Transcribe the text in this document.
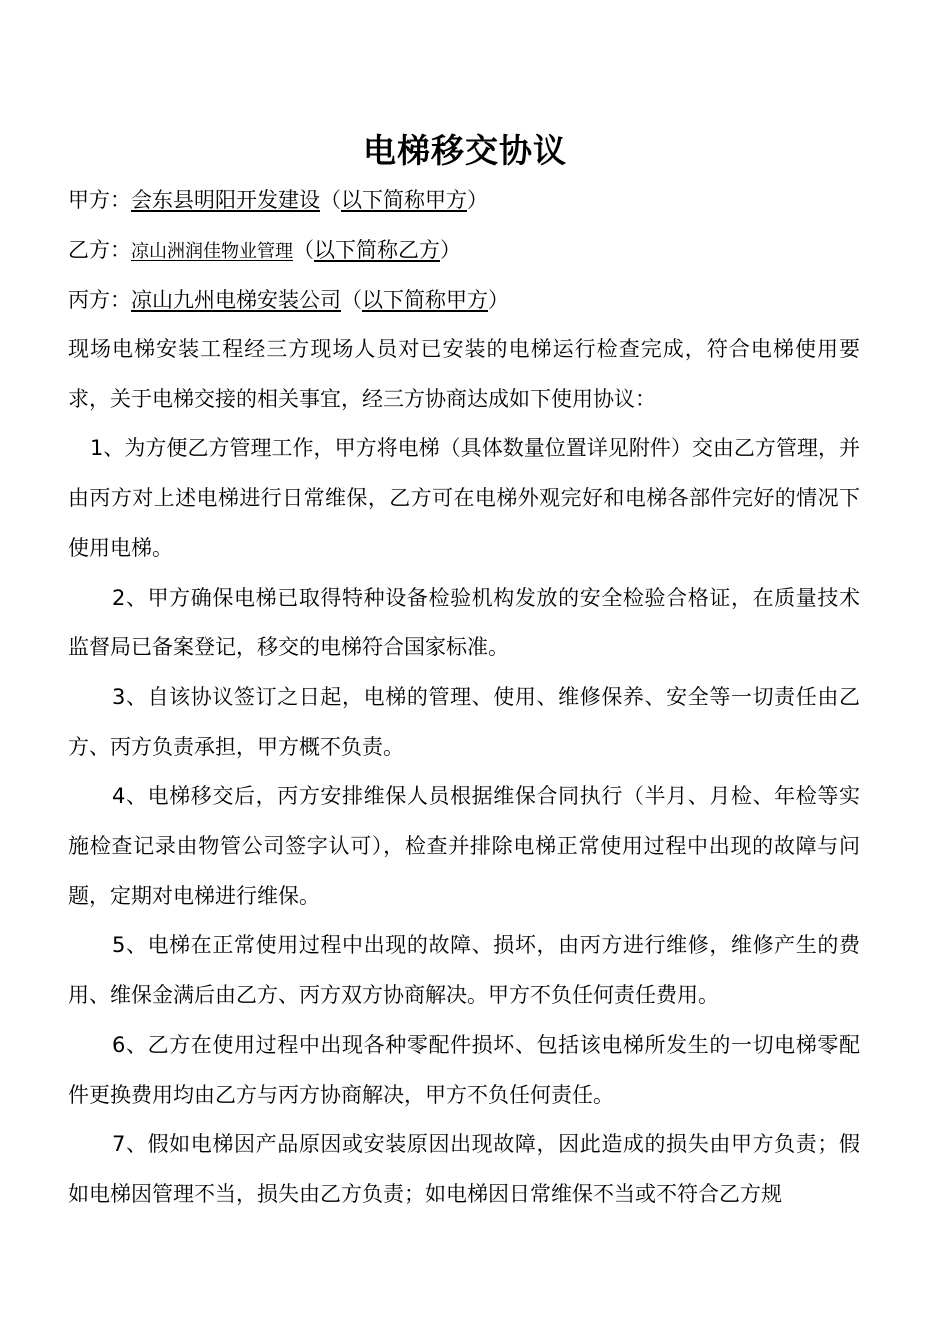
电梯移交协议
甲方：会东县明阳开发建设（以下简称甲方）
乙方：凉山洲润佳物业管理（以下简称乙方）
丙方：凉山九州电梯安装公司（以下简称甲方）

现场电梯安装工程经三方现场人员对已安装的电梯运行检查完成，符合电梯使用要求，关于电梯交接的相关事宜，经三方协商达成如下使用协议：

1、为方便乙方管理工作，甲方将电梯（具体数量位置详见附件）交由乙方管理，并由丙方对上述电梯进行日常维保，乙方可在电梯外观完好和电梯各部件完好的情况下使用电梯。

2、甲方确保电梯已取得特种设备检验机构发放的安全检验合格证，在质量技术监督局已备案登记，移交的电梯符合国家标准。

3、自该协议签订之日起，电梯的管理、使用、维修保养、安全等一切责任由乙方、丙方负责承担，甲方概不负责。

4、电梯移交后，丙方安排维保人员根据维保合同执行（半月、月检、年检等实施检查记录由物管公司签字认可），检查并排除电梯正常使用过程中出现的故障与问题，定期对电梯进行维保。

5、电梯在正常使用过程中出现的故障、损坏，由丙方进行维修，维修产生的费用、维保金满后由乙方、丙方双方协商解决。甲方不负任何责任费用。

6、乙方在使用过程中出现各种零配件损坏、包括该电梯所发生的一切电梯零配件更换费用均由乙方与丙方协商解决，甲方不负任何责任。

7、假如电梯因产品原因或安装原因出现故障，因此造成的损失由甲方负责；假如电梯因管理不当，损失由乙方负责；如电梯因日常维保不当或不符合乙方规
